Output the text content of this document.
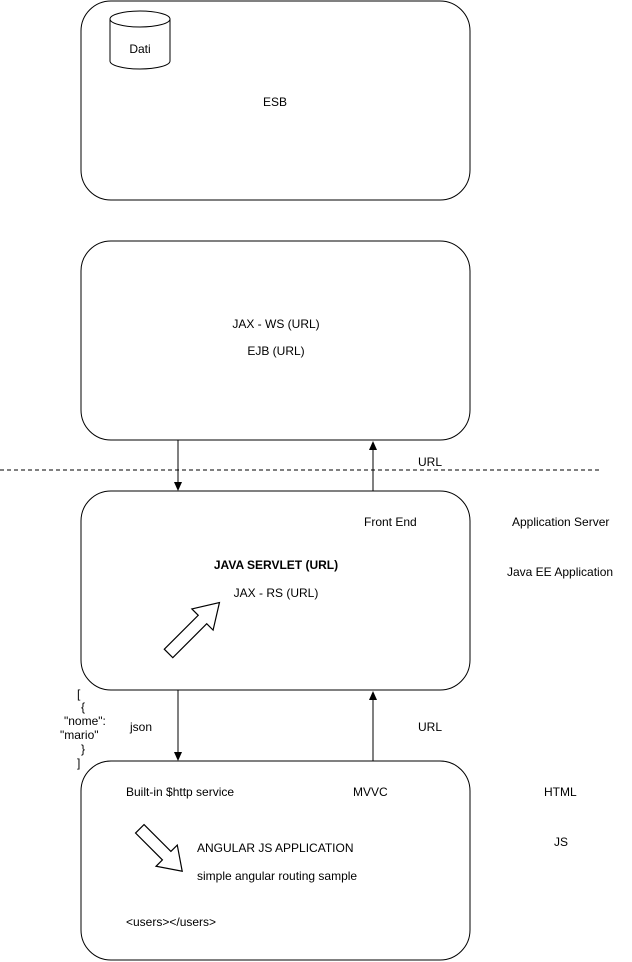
Dati
ESB
JAX - WS (URL)
EJB (URL)
URL
Application Server
Java EE Application
URL
json
HTML
JS
Front End
JAVA SERVLET (URL)
JAX - RS (URL)
[
{
"nome":
"mario"
}
]
Built-in $http service	MVVC
ANGULAR JS APPLICATION
simple angular routing sample
<users></users>
